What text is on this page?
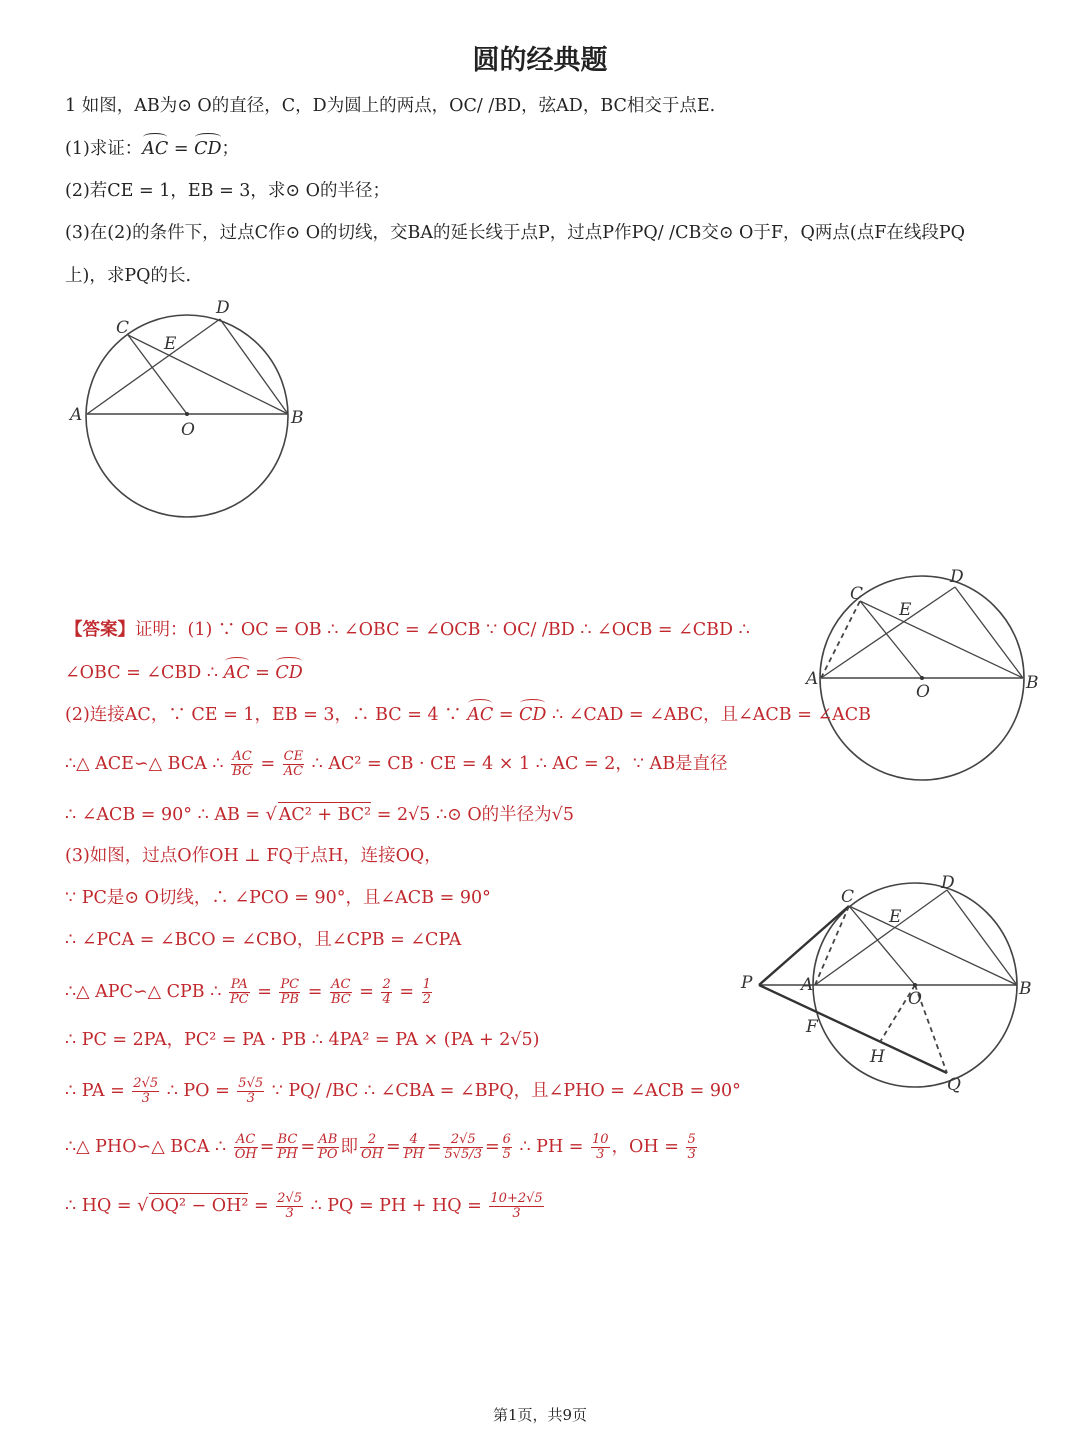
圆的经典题
1 如图，AB为⊙ O的直径，C，D为圆上的两点，OC/ /BD，弦AD，BC相交于点E.
(1)求证：AC = CD；
(2)若CE = 1，EB = 3，求⊙ O的半径；
(3)在(2)的条件下，过点C作⊙ O的切线，交BA的延长线于点P，过点P作PQ/ /CB交⊙ O于F，Q两点(点F在线段PQ
上)，求PQ的长.
C
D
E
A
O
B
C
D
E
A
O	B
P
C
D
E
A
O	B
F
H
Q
【答案】证明：(1) ∵ OC = OB ∴ ∠OBC = ∠OCB ∵ OC/ /BD ∴ ∠OCB = ∠CBD ∴
∠OBC = ∠CBD ∴ AC = CD
(2)连接AC，∵ CE = 1，EB = 3，∴ BC = 4 ∵ AC = CD ∴ ∠CAD = ∠ABC，且∠ACB = ∠ACB
∴△ ACE∽△ BCA ∴ $\frac{AC}{BC} = \frac{CE}{AC}$ ∴ AC² = CB · CE = 4 × 1 ∴ AC = 2，∵ AB是直径
∴ ∠ACB = 90° ∴ AB = √ AC² + BC² = 2√5 ∴⊙ O的半径为√5
(3)如图，过点O作OH ⊥ FQ于点H，连接OQ，
∵ PC是⊙ O切线，∴ ∠PCO = 90°，且∠ACB = 90°
∴ ∠PCA = ∠BCO = ∠CBO，且∠CPB = ∠CPA
∴△ APC∽△ CPB ∴ $\frac{PA}{PC} = \frac{PC}{PB} = \frac{AC}{BC} = \frac{2}{4} = \frac{1}{2}$
∴ PC = 2PA，PC² = PA · PB ∴ 4PA² = PA × (PA + 2√5)
∴ PA = $\frac{2√5}{3}$ ∴ PO = $\frac{5√5}{3}$ ∵ PQ/ /BC ∴ ∠CBA = ∠BPQ，且∠PHO = ∠ACB = 90°
∴△ PHO∽△ BCA ∴ $\frac{AC}{OH} = \frac{BC}{PH} = \frac{AB}{PO}$ 即 $\frac{2}{OH} = \frac{4}{PH} = \frac{2√5}{5√5/3} = \frac{6}{5}$ ∴ PH = $\frac{10}{3}$ ，OH = $\frac{5}{3}$
∴ HQ = √ $OQ^2 - OH^2 = \frac{2√5}{3}$ ∴ PQ = PH + HQ = $\frac{10+2√5}{3}$
第1页，共9页
